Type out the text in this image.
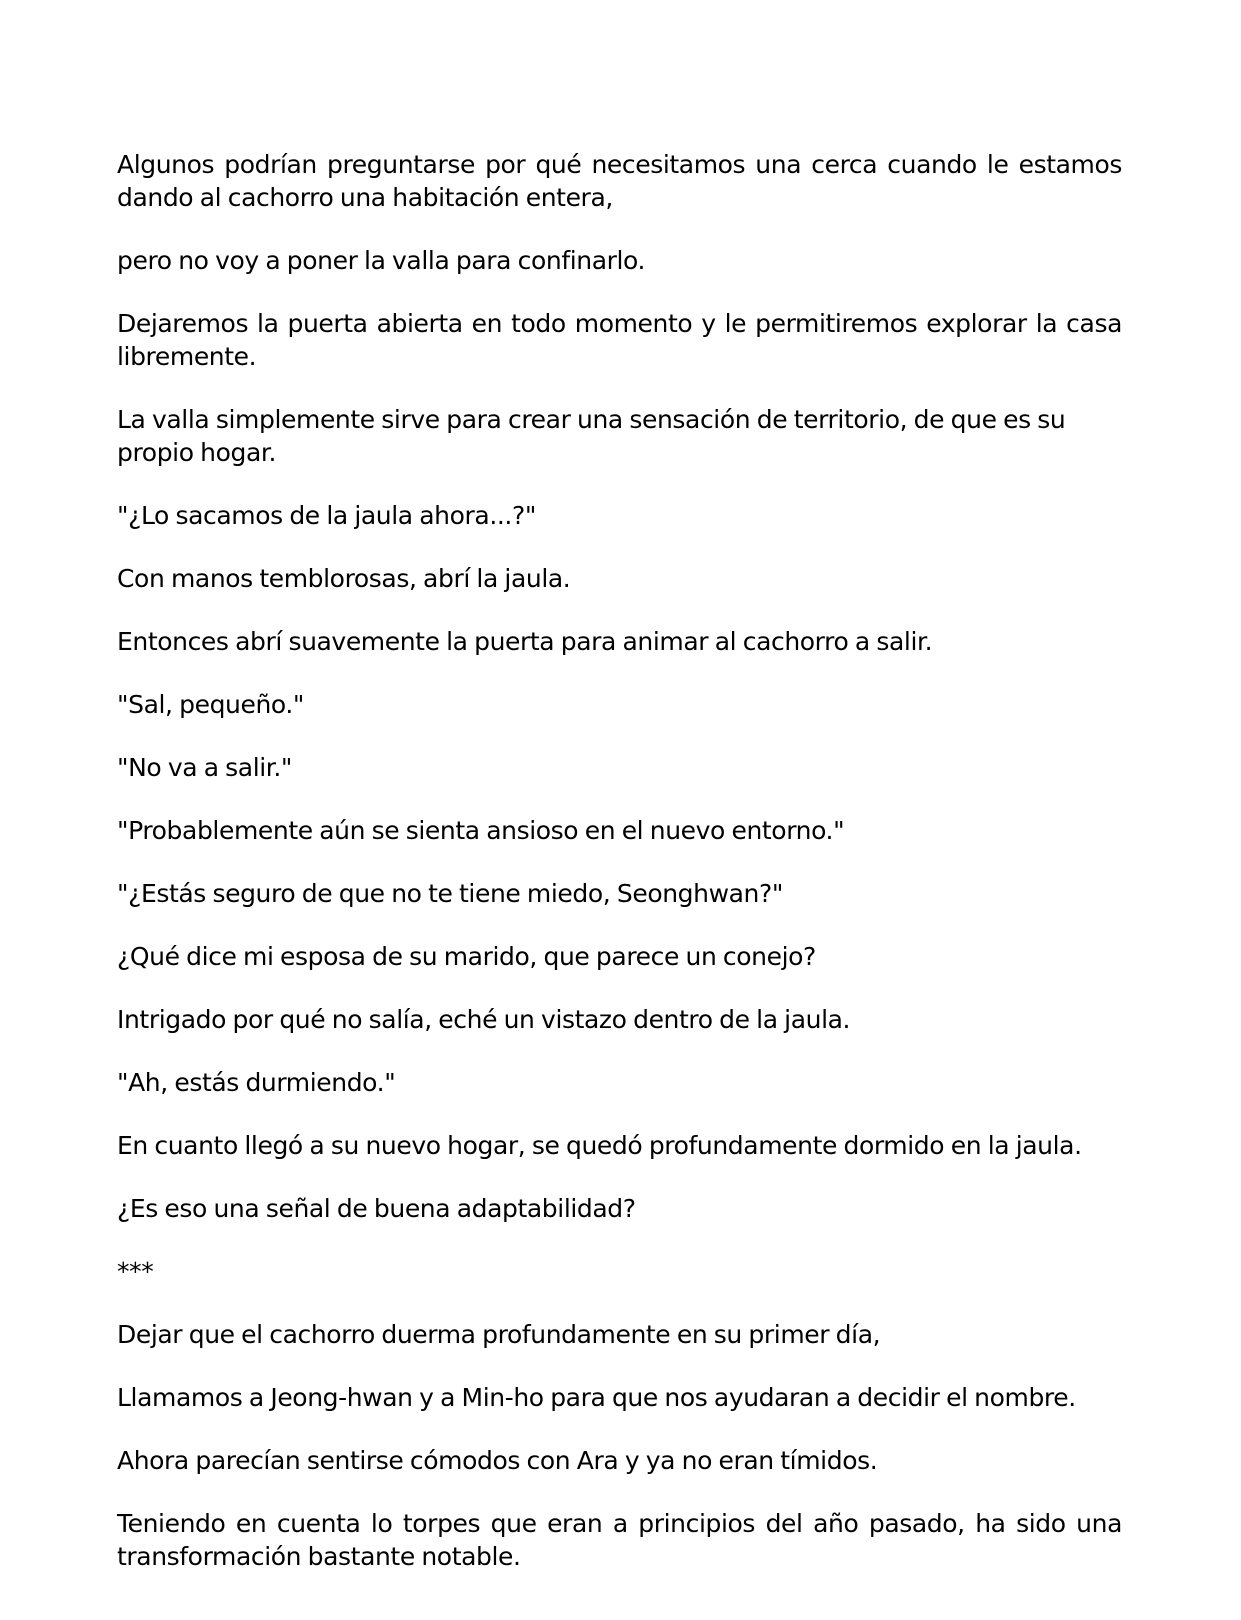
Algunos podrían preguntarse por qué necesitamos una cerca cuando le estamos dando al cachorro una habitación entera,

pero no voy a poner la valla para confinarlo.

Dejaremos la puerta abierta en todo momento y le permitiremos explorar la casa libremente.

La valla simplemente sirve para crear una sensación de territorio, de que es su propio hogar.

"¿Lo sacamos de la jaula ahora...?"

Con manos temblorosas, abrí la jaula.

Entonces abrí suavemente la puerta para animar al cachorro a salir.

"Sal, pequeño."

"No va a salir."

"Probablemente aún se sienta ansioso en el nuevo entorno."

"¿Estás seguro de que no te tiene miedo, Seonghwan?"

¿Qué dice mi esposa de su marido, que parece un conejo?

Intrigado por qué no salía, eché un vistazo dentro de la jaula.

"Ah, estás durmiendo."

En cuanto llegó a su nuevo hogar, se quedó profundamente dormido en la jaula.

¿Es eso una señal de buena adaptabilidad?

***

Dejar que el cachorro duerma profundamente en su primer día,

Llamamos a Jeong-hwan y a Min-ho para que nos ayudaran a decidir el nombre.

Ahora parecían sentirse cómodos con Ara y ya no eran tímidos.

Teniendo en cuenta lo torpes que eran a principios del año pasado, ha sido una transformación bastante notable.
